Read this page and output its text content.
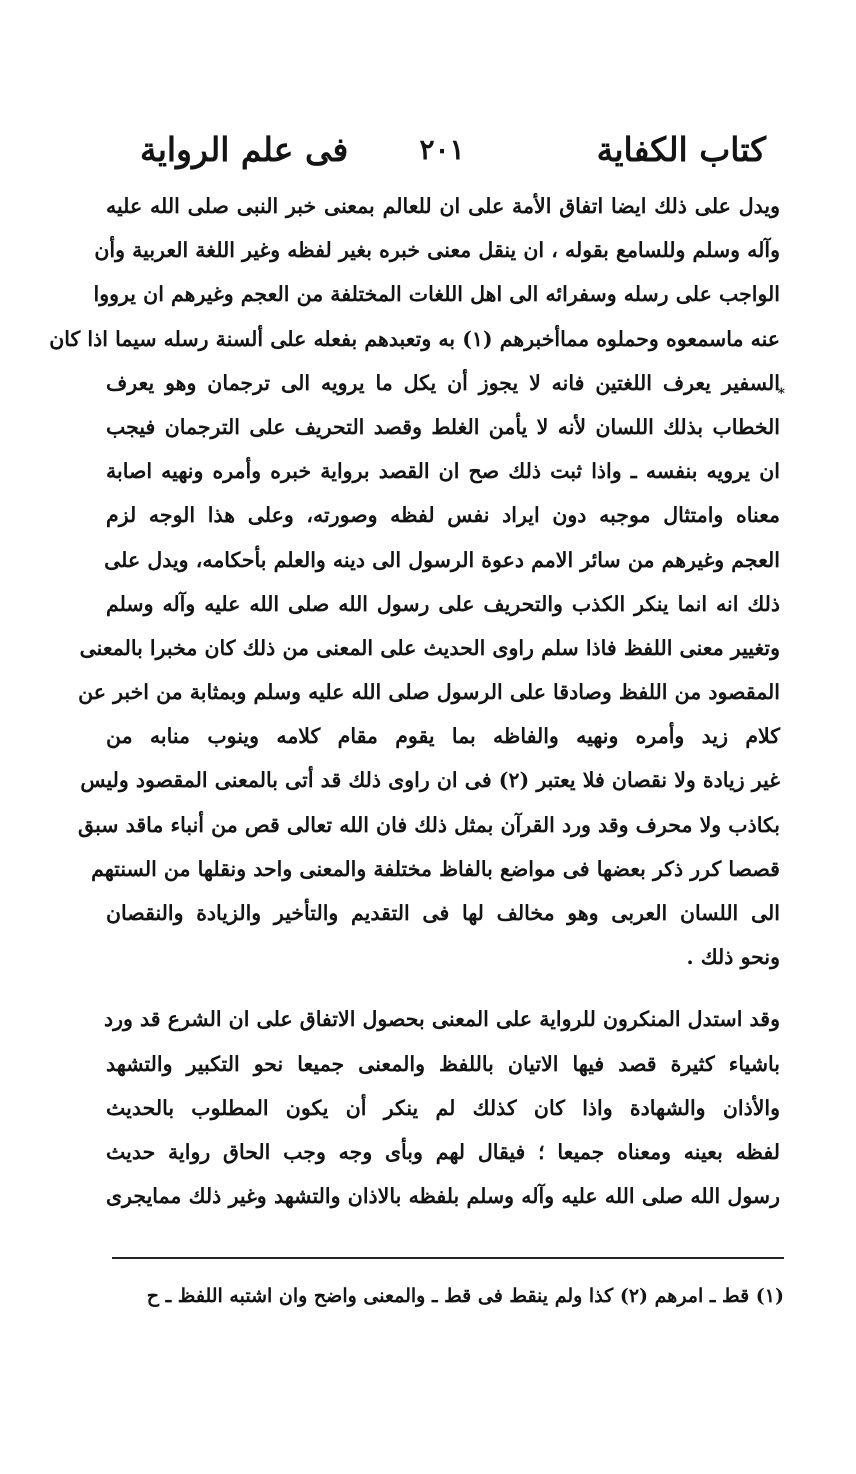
كتاب الكفاية
٢٠١
فى علم الرواية
*
ويدل على ذلك ايضا اتفاق الأمة على ان للعالم بمعنى خبر النبى صلى الله عليه
وآله وسلم وللسامع بقوله ، ان ينقل معنى خبره بغير لفظه وغير اللغة العربية وأن
الواجب على رسله وسفرائه الى اهل اللغات المختلفة من العجم وغيرهم ان يرووا
عنه ماسمعوه وحملوه مماأخبرهم (١) به وتعبدهم بفعله على ألسنة رسله سيما اذا كان
السفير يعرف اللغتين فانه لا يجوز أن يكل ما يرويه الى ترجمان وهو يعرف
الخطاب بذلك اللسان لأنه لا يأمن الغلط وقصد التحريف على الترجمان فيجب
ان يرويه بنفسه ـ واذا ثبت ذلك صح ان القصد برواية خبره وأمره ونهيه اصابة
معناه وامتثال موجبه دون ايراد نفس لفظه وصورته، وعلى هذا الوجه لزم
العجم وغيرهم من سائر الامم دعوة الرسول الى دينه والعلم بأحكامه، ويدل على
ذلك انه انما ينكر الكذب والتحريف على رسول الله صلى الله عليه وآله وسلم
وتغيير معنى اللفظ فاذا سلم راوى الحديث على المعنى من ذلك كان مخبرا بالمعنى
المقصود من اللفظ وصادقا على الرسول صلى الله عليه وسلم وبمثابة من اخبر عن
كلام زيد وأمره ونهيه والفاظه بما يقوم مقام كلامه وينوب منابه من
غير زيادة ولا نقصان فلا يعتبر (٢) فى ان راوى ذلك قد أتى بالمعنى المقصود وليس
بكاذب ولا محرف وقد ورد القرآن بمثل ذلك فان الله تعالى قص من أنباء ماقد سبق
قصصا كرر ذكر بعضها فى مواضع بالفاظ مختلفة والمعنى واحد ونقلها من السنتهم
الى اللسان العربى وهو مخالف لها فى التقديم والتأخير والزيادة والنقصان
ونحو ذلك .
وقد استدل المنكرون للرواية على المعنى بحصول الاتفاق على ان الشرع قد ورد
باشياء كثيرة قصد فيها الاتيان باللفظ والمعنى جميعا نحو التكبير والتشهد
والأذان والشهادة واذا كان كذلك لم ينكر أن يكون المطلوب بالحديث
لفظه بعينه ومعناه جميعا ؛ فيقال لهم وبأى وجه وجب الحاق رواية حديث
رسول الله صلى الله عليه وآله وسلم بلفظه بالاذان والتشهد وغير ذلك ممايجرى
(١) قط ـ امرهم (٢) كذا ولم ينقط فى قط ـ والمعنى واضح وان اشتبه اللفظ ـ ح
